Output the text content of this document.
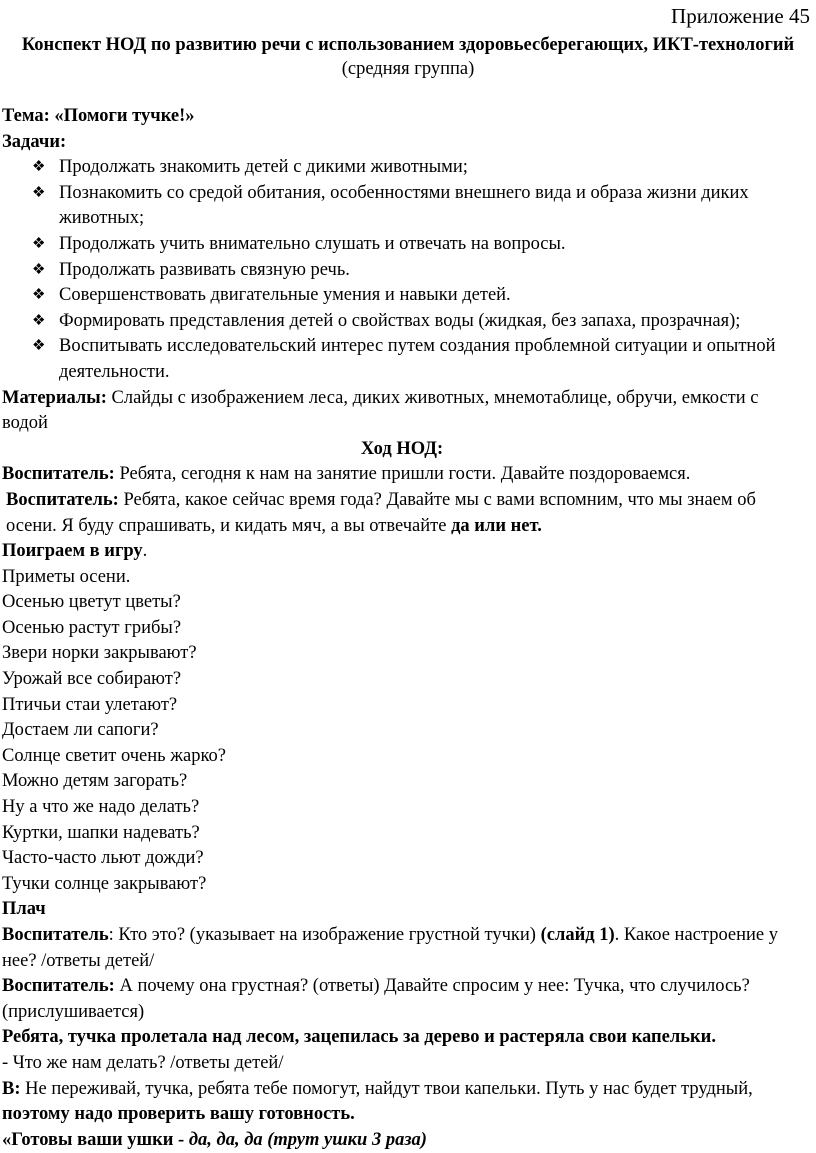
Приложение 45
Конспект НОД по развитию речи с использованием здоровьесберегающих, ИКТ-технологий
(средняя группа)

Тема: «Помоги тучке!»

Задачи:

❖ Продолжать знакомить детей с дикими животными;
❖ Познакомить со средой обитания, особенностями внешнего вида и образа жизни диких животных;
❖ Продолжать учить внимательно слушать и отвечать на вопросы.
❖ Продолжать развивать связную речь.
❖ Совершенствовать двигательные умения и навыки детей.
❖ Формировать представления детей о свойствах воды (жидкая, без запаха, прозрачная);
❖ Воспитывать исследовательский интерес путем создания проблемной ситуации и опытной деятельности.

Материалы: Слайды с изображением леса, диких животных, мнемотаблице, обручи, емкости с водой

Ход НОД:

Воспитатель: Ребята, сегодня к нам на занятие пришли гости. Давайте поздороваемся.

Воспитатель: Ребята, какое сейчас время года? Давайте мы с вами вспомним, что мы знаем об осени. Я буду спрашивать, и кидать мяч, а вы отвечайте да или нет.

Поиграем в игру.

Приметы осени.

Осенью цветут цветы?

Осенью растут грибы?

Звери норки закрывают?

Урожай все собирают?

Птичьи стаи улетают?

Достаем ли сапоги?

Солнце светит очень жарко?

Можно детям загорать?

Ну а что же надо делать?

Куртки, шапки надевать?

Часто-часто льют дожди?

Тучки солнце закрывают?

Плач

Воспитатель: Кто это? (указывает на изображение грустной тучки) (слайд 1). Какое настроение у нее? /ответы детей/

Воспитатель: А почему она грустная? (ответы) Давайте спросим у нее: Тучка, что случилось? (прислушивается)

Ребята, тучка пролетала над лесом, зацепилась за дерево и растеряла свои капельки.

- Что же нам делать? /ответы детей/

В: Не переживай, тучка, ребята тебе помогут, найдут твои капельки. Путь у нас будет трудный, поэтому надо проверить вашу готовность.

«Готовы ваши ушки - да, да, да (трут ушки 3 раза)
